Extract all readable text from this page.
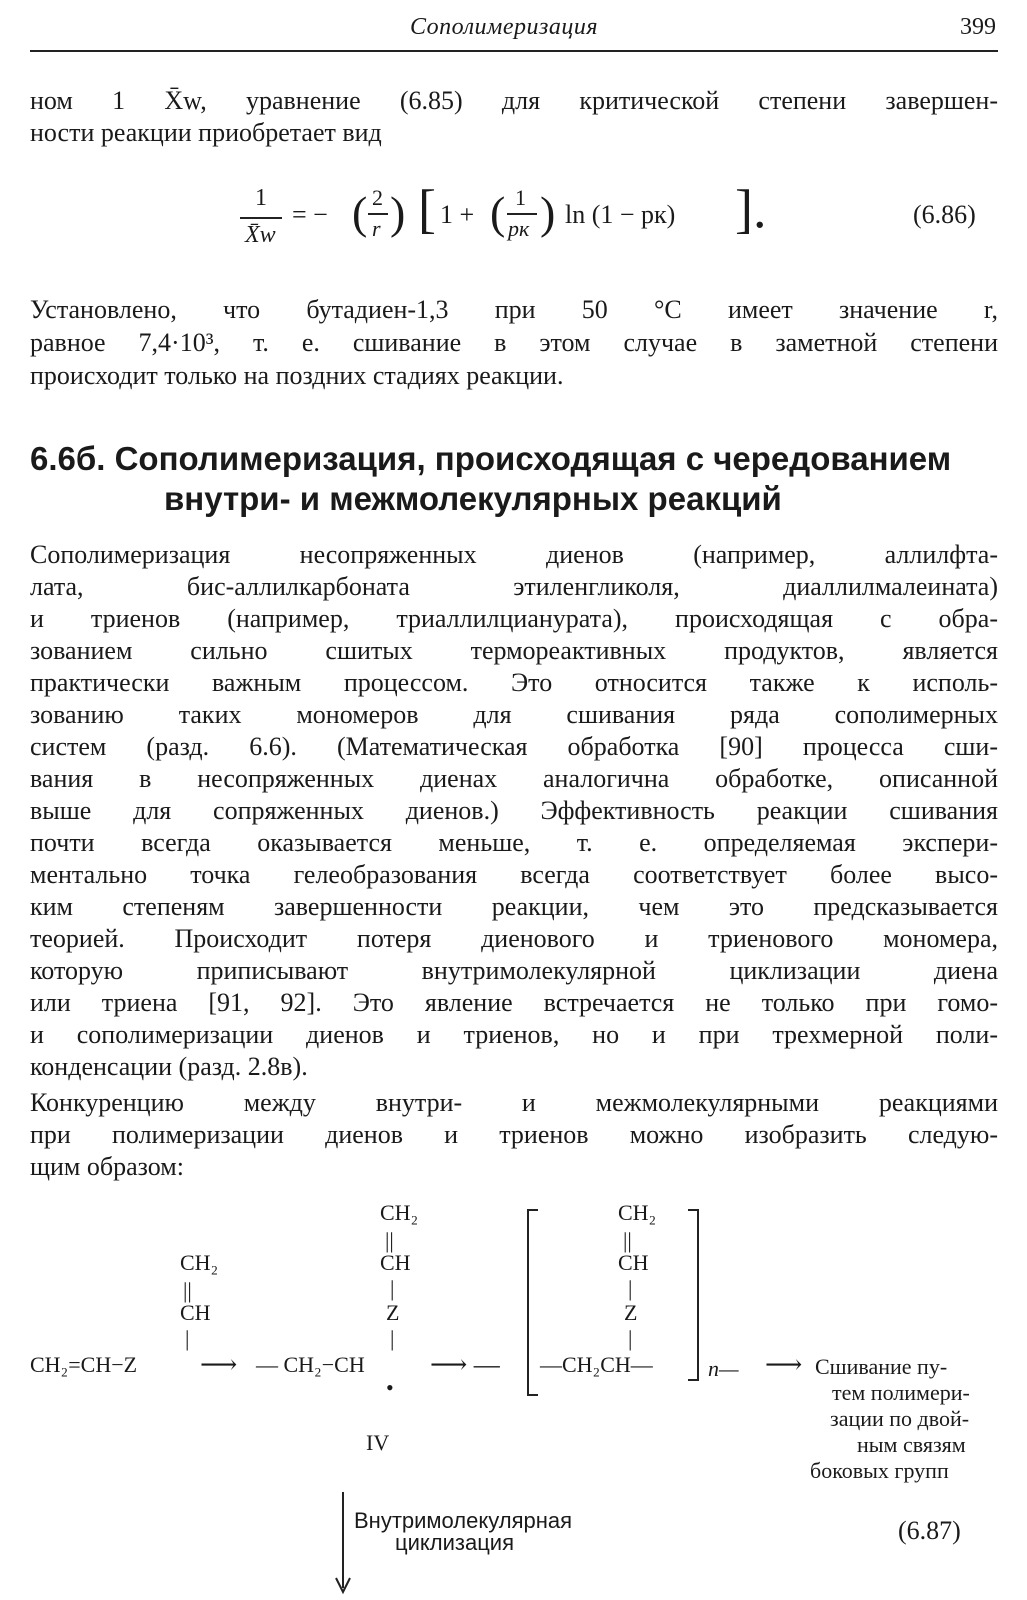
Сополимеризация	399
ном 1 X̄w, уравнение (6.85) для критической степени завершен-
ности реакции приобретает вид
1
X̄w
= − ( 2
r ) [ 1 + ( 1
pк ) ln (1 − pк) ].	(6.86)
Установлено, что бутадиен-1,3 при 50 °С имеет значение r,
равное 7,4·10³, т. е. сшивание в этом случае в заметной степени
происходит только на поздних стадиях реакции.
6.6б. Сополимеризация, происходящая с чередованием
внутри- и межмолекулярных реакций
Сополимеризация несопряженных диенов (например, аллилфта-
лата, бис-аллилкарбоната этиленгликоля, диаллилмалеината)
и триенов (например, триаллилцианурата), происходящая с обра-
зованием сильно сшитых термореактивных продуктов, является
практически важным процессом. Это относится также к исполь-
зованию таких мономеров для сшивания ряда сополимерных
систем (разд. 6.6). (Математическая обработка [90] процесса сши-
вания в несопряженных диенах аналогична обработке, описанной
выше для сопряженных диенов.) Эффективность реакции сшивания
почти всегда оказывается меньше, т. е. определяемая экспери-
ментально точка гелеобразования всегда соответствует более высо-
ким степеням завершенности реакции, чем это предсказывается
теорией. Происходит потеря диенового и триенового мономера,
которую приписывают внутримолекулярной циклизации диена
или триена [91, 92]. Это явление встречается не только при гомо-
и сополимеризации диенов и триенов, но и при трехмерной поли-
конденсации (разд. 2.8в).
Конкуренцию между внутри- и межмолекулярными реакциями
при полимеризации диенов и триенов можно изобразить следую-
щим образом:
CH₂
||
CH
|
CH₂=CH−Z ⟶
CH₂
||
CH
|
Z
|
— CH₂−CH
•
IV
⟶ —
CH₂
||
CH
|
Z
|
—CH₂CH—	n— ⟶ Сшивание пу-
тем полимери-
зации по двой-
ным связям
боковых групп
Внутримолекулярная
циклизация	(6.87)
